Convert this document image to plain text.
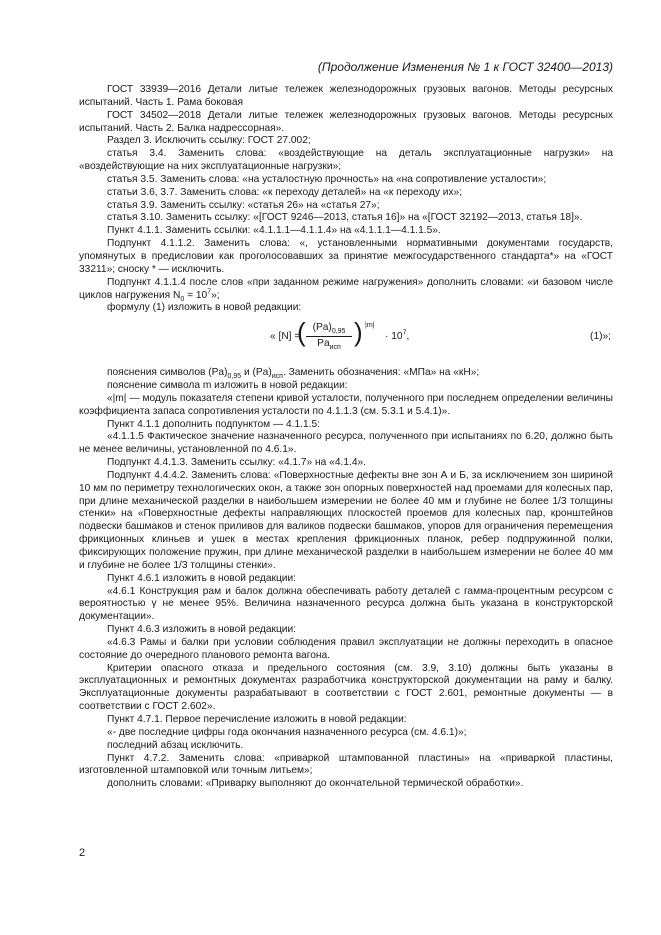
(Продолжение Изменения № 1 к ГОСТ 32400—2013)

ГОСТ 33939—2016 Детали литые тележек железнодорожных грузовых вагонов. Методы ресурсных испытаний. Часть 1. Рама боковая

ГОСТ 34502—2018 Детали литые тележек железнодорожных грузовых вагонов. Методы ресурсных испытаний. Часть 2. Балка надрессорная».

Раздел 3. Исключить ссылку: ГОСТ 27.002;

статья 3.4. Заменить слова: «воздействующие на деталь эксплуатационные нагрузки» на «воздействующие на них эксплуатационные нагрузки»;

статья 3.5. Заменить слова: «на усталостную прочность» на «на сопротивление усталости»;

статьи 3.6, 3.7. Заменить слова: «к переходу деталей» на «к переходу их»;

статья 3.9. Заменить ссылку: «статья 26» на «статья 27»;

статья 3.10. Заменить ссылку: «[ГОСТ 9246—2013, статья 16]» на «[ГОСТ 32192—2013, статья 18]».

Пункт 4.1.1. Заменить ссылки: «4.1.1.1—4.1.1.4» на «4.1.1.1—4.1.1.5».

Подпункт 4.1.1.2. Заменить слова: «, установленными нормативными документами государств, упомянутых в предисловии как проголосовавших за принятие межгосударственного стандарта*» на «ГОСТ 33211»; сноску * — исключить.

Подпункт 4.1.1.4 после слов «при заданном режиме нагружения» дополнить словами: «и базовом числе циклов нагружения $N_0 = 10^7$»;

формулу (1) изложить в новой редакции:

« [N] =
( $(Pa)_{0,95}$
$Pa_{исп}$
) |m|
· $10^7$,	(1)»;

пояснения символов $(Pa)_{0,95}$ и $(Pa)_{исп}$. Заменить обозначения: «МПа» на «кН»;

пояснение символа m изложить в новой редакции:

«|m| — модуль показателя степени кривой усталости, полученного при последнем определении величины коэффициента запаса сопротивления усталости по 4.1.1.3 (см. 5.3.1 и 5.4.1)».

Пункт 4.1.1 дополнить подпунктом — 4.1.1.5:

«4.1.1.5 Фактическое значение назначенного ресурса, полученного при испытаниях по 6.20, должно быть не менее величины, установленной по 4.6.1».

Подпункт 4.4.1.3. Заменить ссылку: «4.1.7» на «4.1.4».

Подпункт 4.4.4.2. Заменить слова: «Поверхностные дефекты вне зон А и Б, за исключением зон шириной 10 мм по периметру технологических окон, а также зон опорных поверхностей над проемами для колесных пар, при длине механической разделки в наибольшем измерении не более 40 мм и глубине не более 1/3 толщины стенки» на «Поверхностные дефекты направляющих плоскостей проемов для колесных пар, кронштейнов подвески башмаков и стенок приливов для валиков подвески башмаков, упоров для ограничения перемещения фрикционных клиньев и ушек в местах крепления фрикционных планок, ребер подпружинной полки, фиксирующих положение пружин, при длине механической разделки в наибольшем измерении не более 40 мм и глубине не более 1/3 толщины стенки».

Пункт 4.6.1 изложить в новой редакции:

«4.6.1 Конструкция рам и балок должна обеспечивать работу деталей с гамма-процентным ресурсом с вероятностью γ не менее 95%. Величина назначенного ресурса должна быть указана в конструкторской документации».

Пункт 4.6.3 изложить в новой редакции:

«4.6.3 Рамы и балки при условии соблюдения правил эксплуатации не должны переходить в опасное состояние до очередного планового ремонта вагона.

Критерии опасного отказа и предельного состояния (см. 3.9, 3.10) должны быть указаны в эксплуатационных и ремонтных документах разработчика конструкторской документации на раму и балку. Эксплуатационные документы разрабатывают в соответствии с ГОСТ 2.601, ремонтные документы — в соответствии с ГОСТ 2.602».

Пункт 4.7.1. Первое перечисление изложить в новой редакции:

«- две последние цифры года окончания назначенного ресурса (см. 4.6.1)»;

последний абзац исключить.

Пункт 4.7.2. Заменить слова: «приваркой штампованной пластины» на «приваркой пластины, изготовленной штамповкой или точным литьем»;

дополнить словами: «Приварку выполняют до окончательной термической обработки».

2
